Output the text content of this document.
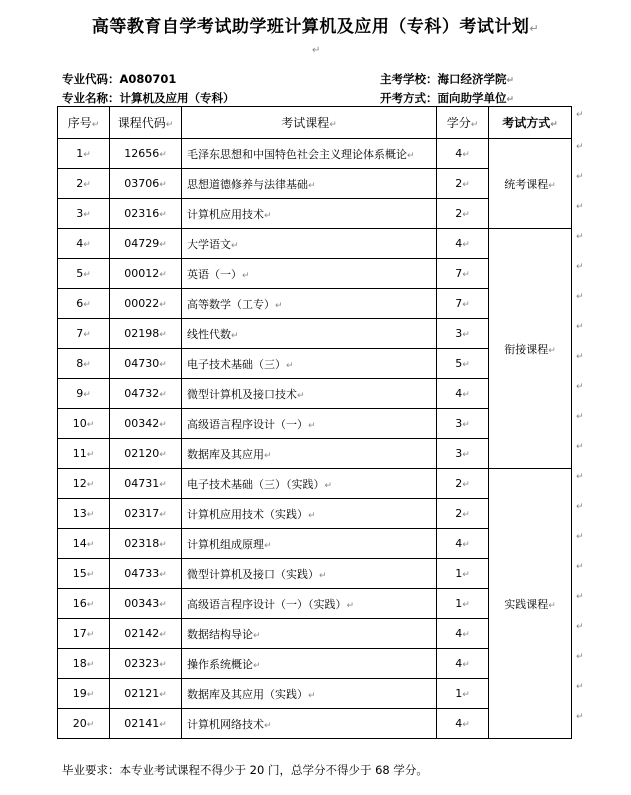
高等教育自学考试助学班计算机及应用（专科）考试计划↵
↵
专业代码：A080701	主考学校：海口经济学院↵
专业名称：计算机及应用（专科）	开考方式：面向助学单位↵
序号↵	课程代码↵	考试课程↵	学分↵	考试方式↵
1↵	12656↵	毛泽东思想和中国特色社会主义理论体系概论↵	4↵	统考课程↵
2↵	03706↵	思想道德修养与法律基础↵	2↵	
3↵	02316↵	计算机应用技术↵	2↵	
4↵	04729↵	大学语文↵	4↵	衔接课程↵
5↵	00012↵	英语（一）↵	7↵	
6↵	00022↵	高等数学（工专）↵	7↵	
7↵	02198↵	线性代数↵	3↵	
8↵	04730↵	电子技术基础（三）↵	5↵	
9↵	04732↵	微型计算机及接口技术↵	4↵	
10↵	00342↵	高级语言程序设计（一）↵	3↵	
11↵	02120↵	数据库及其应用↵	3↵	
12↵	04731↵	电子技术基础（三）（实践）↵	2↵	实践课程↵
13↵	02317↵	计算机应用技术（实践）↵	2↵	
14↵	02318↵	计算机组成原理↵	4↵	
15↵	04733↵	微型计算机及接口（实践）↵	1↵	
16↵	00343↵	高级语言程序设计（一）（实践）↵	1↵	
17↵	02142↵	数据结构导论↵	4↵	
18↵	02323↵	操作系统概论↵	4↵	
19↵	02121↵	数据库及其应用（实践）↵	1↵	
20↵	02141↵	计算机网络技术↵	4↵	
毕业要求：本专业考试课程不得少于 20 门，总学分不得少于 68 学分。
↵
↵
↵
↵
↵
↵
↵
↵
↵
↵
↵
↵
↵
↵
↵
↵
↵
↵
↵
↵
↵
